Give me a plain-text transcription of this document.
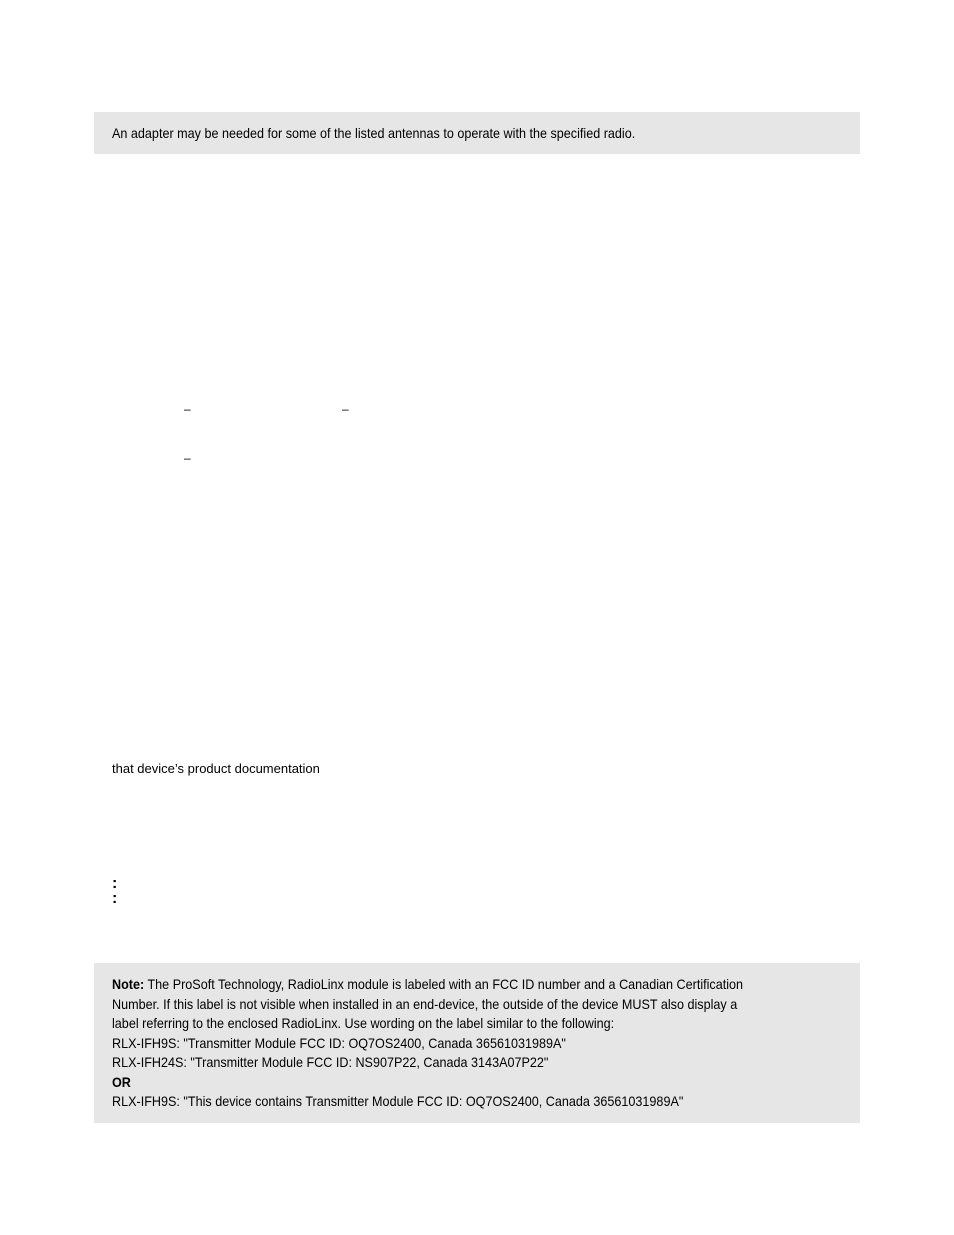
An adapter may be needed for some of the listed antennas to operate with the specified radio.
–	–
–
that device’s product documentation
:
:
Note: The ProSoft Technology, RadioLinx module is labeled with an FCC ID number and a Canadian Certification
Number. If this label is not visible when installed in an end-device, the outside of the device MUST also display a
label referring to the enclosed RadioLinx. Use wording on the label similar to the following:
RLX-IFH9S: "Transmitter Module FCC ID: OQ7OS2400, Canada 36561031989A"
RLX-IFH24S: "Transmitter Module FCC ID: NS907P22, Canada 3143A07P22"
OR
RLX-IFH9S: "This device contains Transmitter Module FCC ID: OQ7OS2400, Canada 36561031989A"
